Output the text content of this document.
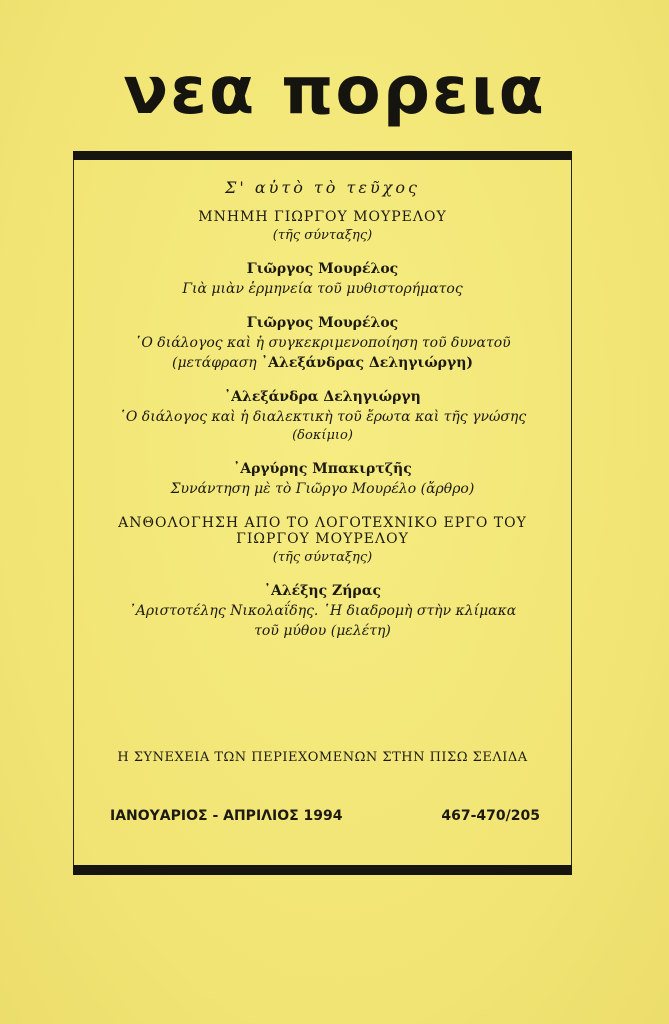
νεα πορεια
Σ' αὐτὸ τὸ τεῦχος
ΜΝΗΜΗ ΓΙΩΡΓΟΥ ΜΟΥΡΕΛΟΥ
(τῆς σύνταξης)
Γιῶργος Μουρέλος
Γιὰ μιὰν ἑρμηνεία τοῦ μυθιστορήματος
Γιῶργος Μουρέλος
῾Ο διάλογος καὶ ἡ συγκεκριμενοποίηση τοῦ δυνατοῦ
(μετάφραση ᾿Αλεξάνδρας Δεληγιώργη)
᾿Αλεξάνδρα Δεληγιώργη
῾Ο διάλογος καὶ ἡ διαλεκτικὴ τοῦ ἔρωτα καὶ τῆς γνώσης
(δοκίμιο)
᾿Αργύρης Μπακιρτζῆς
Συνάντηση μὲ τὸ Γιῶργο Μουρέλο (ἄρθρο)
ΑΝΘΟΛΟΓΗΣΗ ΑΠΟ ΤΟ ΛΟΓΟΤΕΧΝΙΚΟ ΕΡΓΟ ΤΟΥ
ΓΙΩΡΓΟΥ ΜΟΥΡΕΛΟΥ
(τῆς σύνταξης)
᾿Αλέξης Ζήρας
᾿Αριστοτέλης Νικολαΐδης. ῾Η διαδρομὴ στὴν κλίμακα
τοῦ μύθου (μελέτη)
Η ΣΥΝΕΧΕΙΑ ΤΩΝ ΠΕΡΙΕΧΟΜΕΝΩΝ ΣΤΗΝ ΠΙΣΩ ΣΕΛΙΔΑ
ΙΑΝΟΥΑΡΙΟΣ - ΑΠΡΙΛΙΟΣ 1994	467-470/205
